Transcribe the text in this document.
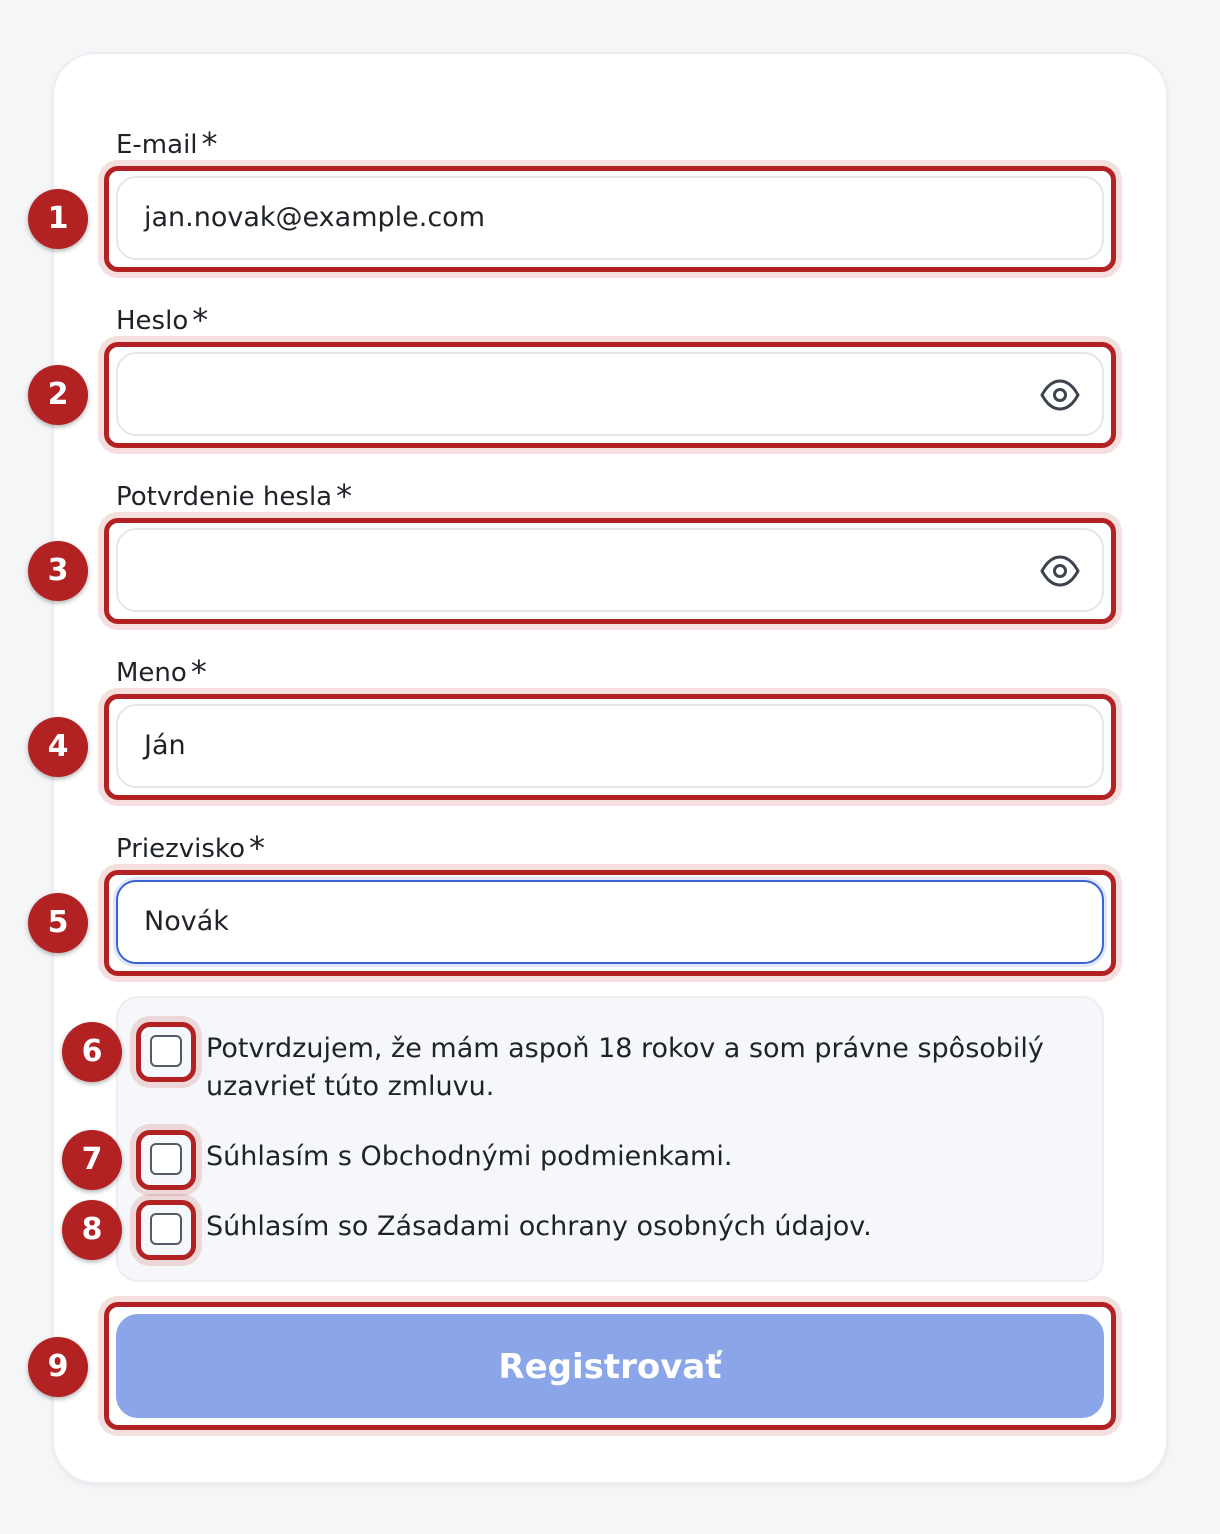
E-mail *
jan.novak@example.com
Heslo *
Potvrdenie hesla *
Meno *
Ján
Priezvisko *
Novák
Potvrdzujem, že mám aspoň 18 rokov a som právne spôsobilý uzavrieť túto zmluvu.
Súhlasím s Obchodnými podmienkami.
Súhlasím so Zásadami ochrany osobných údajov.
Registrovať
1
2
3
4
5
6
7
8
9
